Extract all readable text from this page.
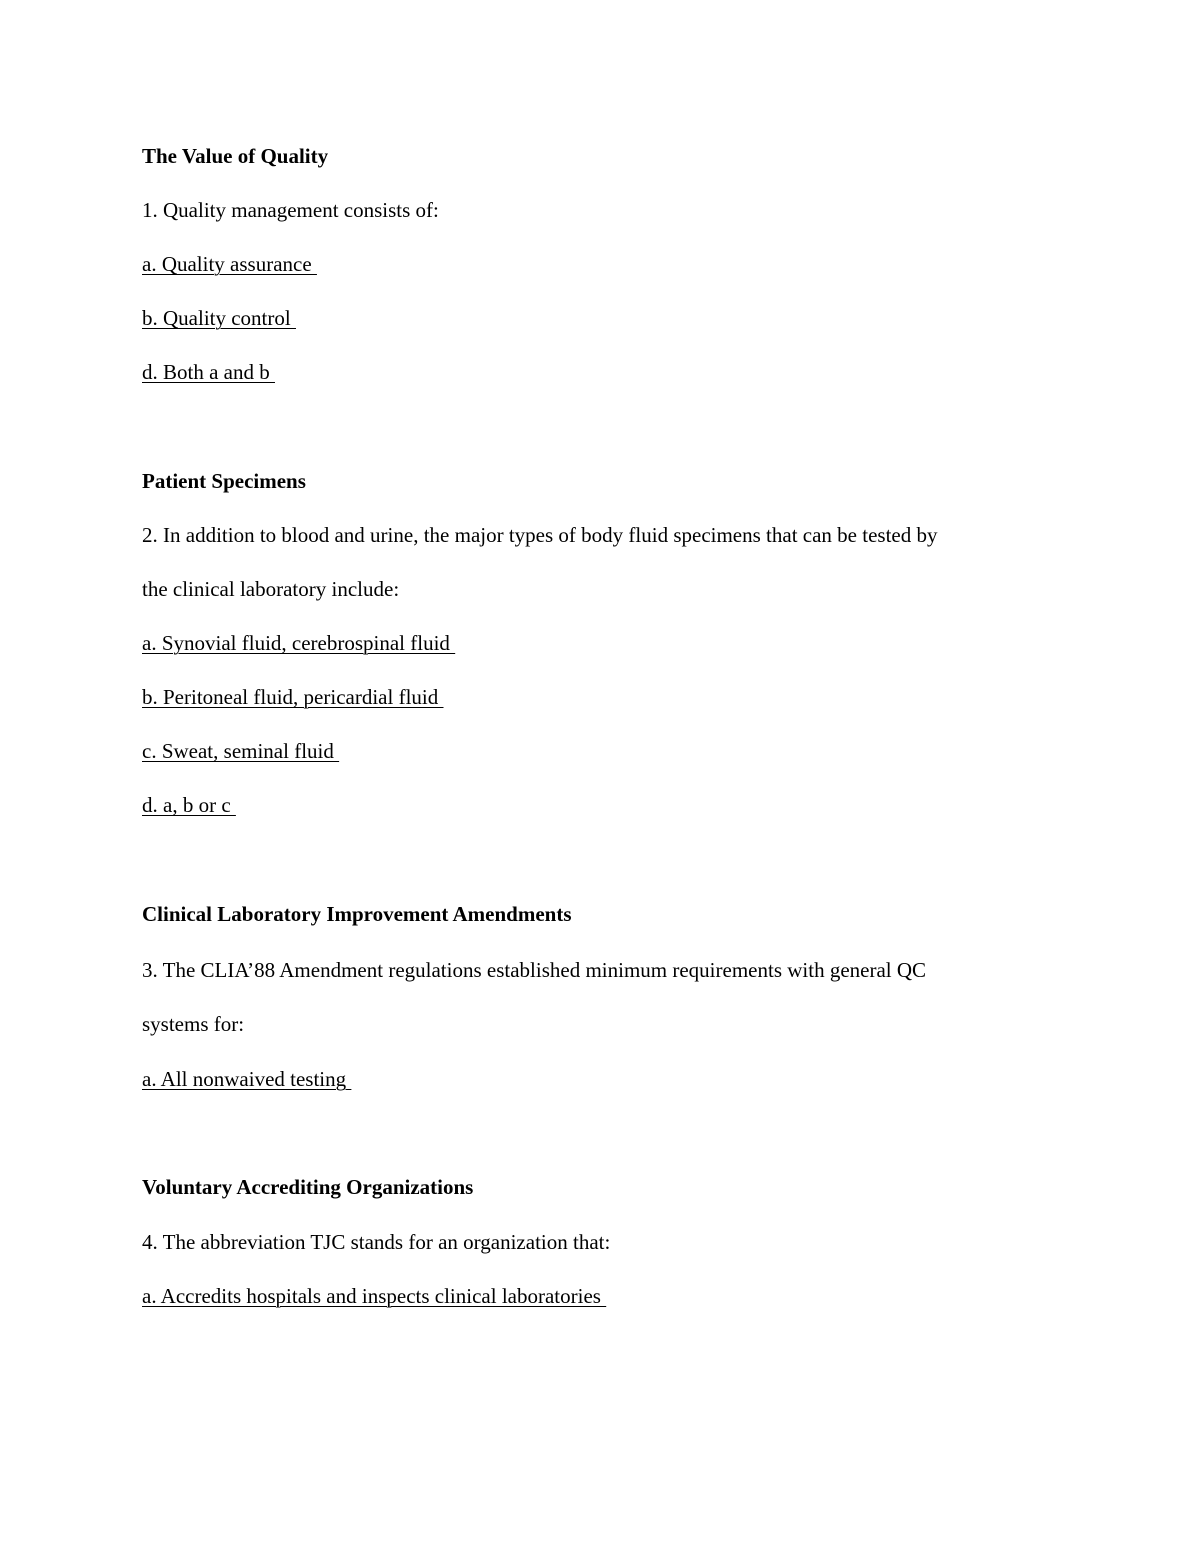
The Value of Quality

1. Quality management consists of:

a. Quality assurance

b. Quality control

d. Both a and b

Patient Specimens

2. In addition to blood and urine, the major types of body fluid specimens that can be tested by

the clinical laboratory include:

a. Synovial fluid, cerebrospinal fluid

b. Peritoneal fluid, pericardial fluid

c. Sweat, seminal fluid

d. a, b or c

Clinical Laboratory Improvement Amendments

3. The CLIA’88 Amendment regulations established minimum requirements with general QC

systems for:

a. All nonwaived testing

Voluntary Accrediting Organizations

4. The abbreviation TJC stands for an organization that:

a. Accredits hospitals and inspects clinical laboratories
